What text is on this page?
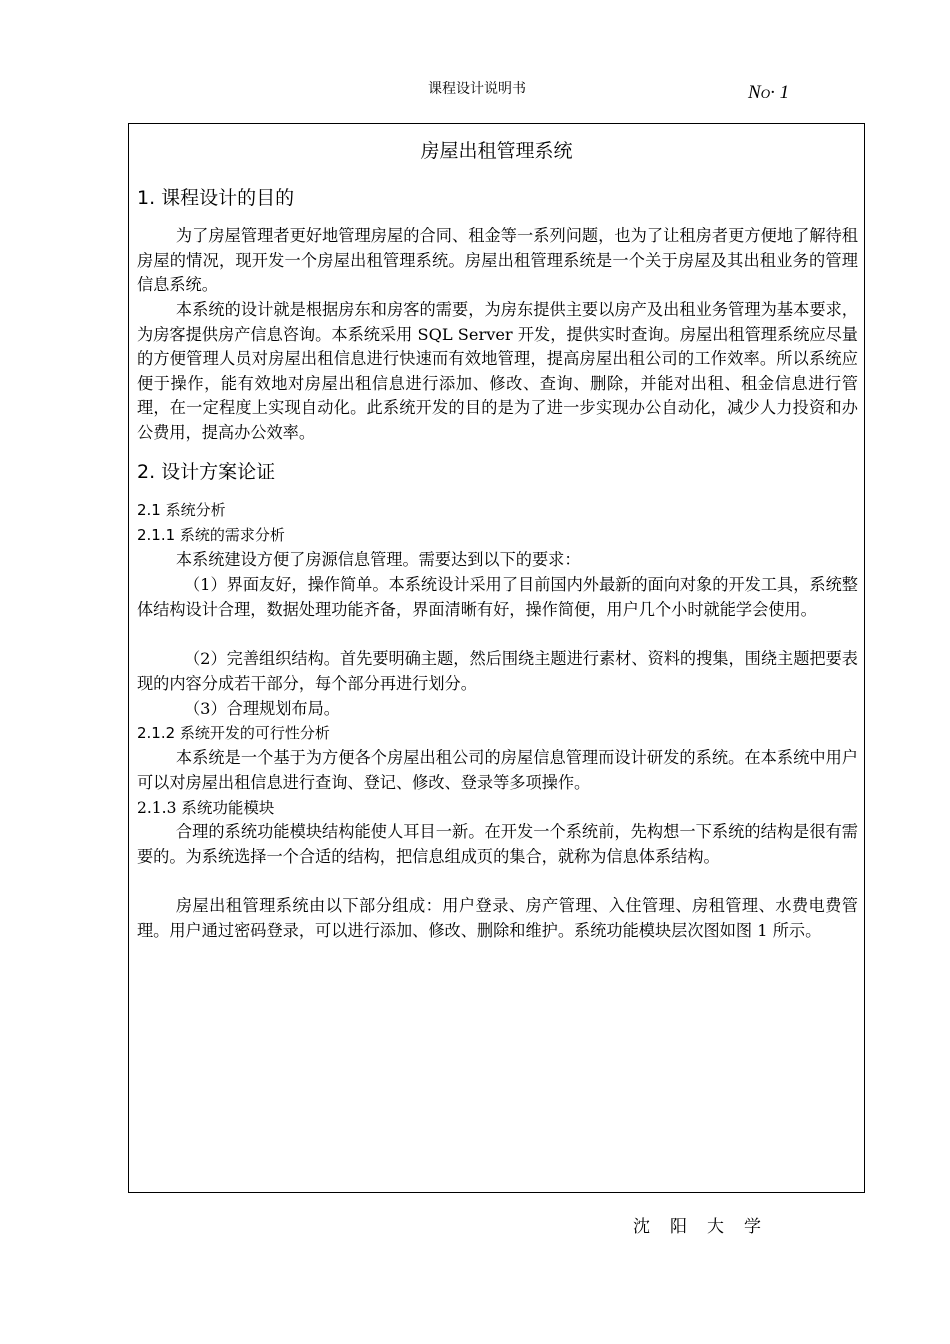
课程设计说明书	NO· 1
房屋出租管理系统
1. 课程设计的目的
为了房屋管理者更好地管理房屋的合同、租金等一系列问题，也为了让租房者更方便地了解待租房屋的情况，现开发一个房屋出租管理系统。房屋出租管理系统是一个关于房屋及其出租业务的管理信息系统。
本系统的设计就是根据房东和房客的需要，为房东提供主要以房产及出租业务管理为基本要求，为房客提供房产信息咨询。本系统采用 SQL Server 开发，提供实时查询。房屋出租管理系统应尽量的方便管理人员对房屋出租信息进行快速而有效地管理，提高房屋出租公司的工作效率。所以系统应便于操作，能有效地对房屋出租信息进行添加、修改、查询、删除，并能对出租、租金信息进行管理，在一定程度上实现自动化。此系统开发的目的是为了进一步实现办公自动化，减少人力投资和办公费用，提高办公效率。
2. 设计方案论证
2.1 系统分析
2.1.1 系统的需求分析
本系统建设方便了房源信息管理。需要达到以下的要求：
（1）界面友好，操作简单。本系统设计采用了目前国内外最新的面向对象的开发工具，系统整体结构设计合理，数据处理功能齐备，界面清晰有好，操作简便，用户几个小时就能学会使用。
（2）完善组织结构。首先要明确主题，然后围绕主题进行素材、资料的搜集，围绕主题把要表现的内容分成若干部分，每个部分再进行划分。
（3）合理规划布局。
2.1.2 系统开发的可行性分析
本系统是一个基于为方便各个房屋出租公司的房屋信息管理而设计研发的系统。在本系统中用户可以对房屋出租信息进行查询、登记、修改、登录等多项操作。
2.1.3 系统功能模块
合理的系统功能模块结构能使人耳目一新。在开发一个系统前，先构想一下系统的结构是很有需要的。为系统选择一个合适的结构，把信息组成页的集合，就称为信息体系结构。
房屋出租管理系统由以下部分组成：用户登录、房产管理、入住管理、房租管理、水费电费管理。用户通过密码登录，可以进行添加、修改、删除和维护。系统功能模块层次图如图 1 所示。
沈阳大学
